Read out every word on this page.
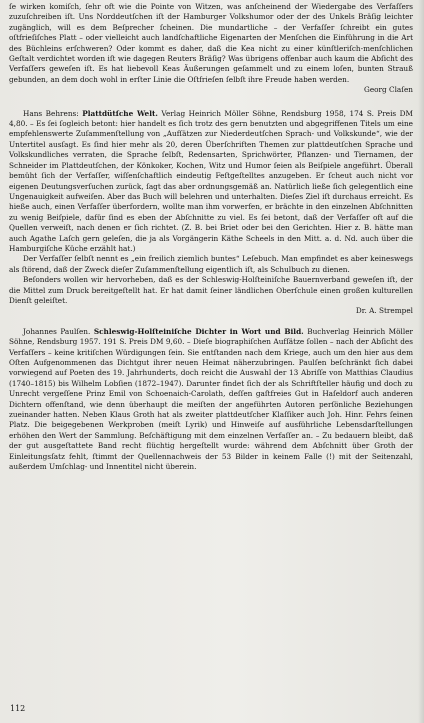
ſe wirken komiſch, ſehr oft wie die Pointe von Witzen, was anſcheinend der Wiedergabe des Verfaſſers zuzuſchreiben iſt. Uns Norddeutſchen iſt der Hamburger Volkshumor oder der des Unkels Bräſig leichter zugänglich, will es dem Beſprecher ſcheinen. Die mundartliche – der Verfaſſer ſchreibt ein gutes oſtfrieſiſches Platt – oder vielleicht auch landſchaftliche Eigenarten der Menſchen die Einführung in die Art des Büchleins erſchweren? Oder kommt es daher, daß die Kea nicht zu einer künſtleriſch-menſchlichen Geſtalt verdichtet worden iſt wie dagegen Reuters Bräſig? Was übrigens offenbar auch kaum die Abſicht des Verfaſſers geweſen iſt. Es hat liebevoll Keas Äußerungen geſammelt und zu einem loſen, bunten Strauß gebunden, an dem doch wohl in erſter Linie die Oſtfrieſen ſelbſt ihre Freude haben werden.

Georg Claſen

Hans Behrens: Plattdütſche Welt. Verlag Heinrich Möller Söhne, Rendsburg 1958, 174 S. Preis DM 4,80. – Es ſei ſogleich betont: hier handelt es ſich trotz des gern benutzten und abgegriffenen Titels um eine empfehlenswerte Zuſammenſtellung von „Aufſätzen zur Niederdeutſchen Sprach- und Volkskunde“, wie der Untertitel ausſagt. Es ſind hier mehr als 20, deren Überſchriften Themen zur plattdeutſchen Sprache und Volkskundliches verraten, die Sprache ſelbſt, Redensarten, Sprichwörter, Pflanzen- und Tiernamen, der Schneider im Plattdeutſchen, der Könkoker, Kochen, Witz und Humor ſeien als Beiſpiele angeführt. Überall bemüht ſich der Verfaſſer, wiſſenſchaftlich eindeutig Feſtgeſtelltes anzugeben. Er ſcheut auch nicht vor eigenen Deutungsverſuchen zurück, ſagt das aber ordnungsgemäß an. Natürlich ließe ſich gelegentlich eine Ungenauigkeit aufweiſen. Aber das Buch will belehren und unterhalten. Dieſes Ziel iſt durchaus erreicht. Es hieße auch, einen Verfaſſer überfordern, wollte man ihm vorwerfen, er brächte in den einzelnen Abſchnitten zu wenig Beiſpiele, dafür ſind es eben der Abſchnitte zu viel. Es ſei betont, daß der Verfaſſer oft auf die Quellen verweiſt, nach denen er ſich richtet. (Z. B. bei Briet oder bei den Gerichten. Hier z. B. hätte man auch Agathe Laſch gern geleſen, die ja als Vorgängerin Käthe Scheels in den Mitt. a. d. Nd. auch über die Hamburgiſche Küche erzählt hat.)

Der Verfaſſer ſelbſt nennt es „ein freilich ziemlich buntes“ Leſebuch. Man empfindet es aber keineswegs als ſtörend, daß der Zweck dieſer Zuſammenſtellung eigentlich iſt, als Schulbuch zu dienen.

Beſonders wollen wir hervorheben, daß es der Schleswig-Holſteiniſche Bauernverband geweſen iſt, der die Mittel zum Druck bereitgeſtellt hat. Er hat damit ſeiner ländlichen Oberſchule einen großen kulturellen Dienſt geleiſtet.

Dr. A. Strempel

Johannes Paulſen. Schleswig-Holſteiniſche Dichter in Wort und Bild. Buchverlag Heinrich Möller Söhne, Rendsburg 1957. 191 S. Preis DM 9,60. – Dieſe biographiſchen Aufſätze ſollen – nach der Abſicht des Verfaſſers – keine kritiſchen Würdigungen ſein. Sie entſtanden nach dem Kriege, auch um den hier aus dem Oſten Aufgenommenen das Dichtgut ihrer neuen Heimat näherzubringen. Paulſen beſchränkt ſich dabei vorwiegend auf Poeten des 19. Jahrhunderts, doch reicht die Auswahl der 13 Abriſſe von Matthias Claudius (1740–1815) bis Wilhelm Lobſien (1872–1947). Darunter findet ſich der als Schriftſteller häufig und doch zu Unrecht vergeſſene Prinz Emil von Schoenaich-Carolath, deſſen gaſtfreies Gut in Haſeldorf auch anderen Dichtern offenſtand, wie denn überhaupt die meiſten der angeführten Autoren perſönliche Beziehungen zueinander hatten. Neben Klaus Groth hat als zweiter plattdeutſcher Klaſſiker auch Joh. Hinr. Fehrs ſeinen Platz. Die beigegebenen Werkproben (meiſt Lyrik) und Hinweiſe auf ausführliche Lebensdarſtellungen erhöhen den Wert der Sammlung. Beſchäftigung mit dem einzelnen Verfaſſer an. – Zu bedauern bleibt, daß der gut ausgeſtattete Band recht flüchtig hergeſtellt wurde: während dem Abſchnitt über Groth der Einleitungsſatz fehlt, ſtimmt der Quellennachweis der 53 Bilder in keinem Falle (!) mit der Seitenzahl, außerdem Umſchlag- und Innentitel nicht überein.

112
